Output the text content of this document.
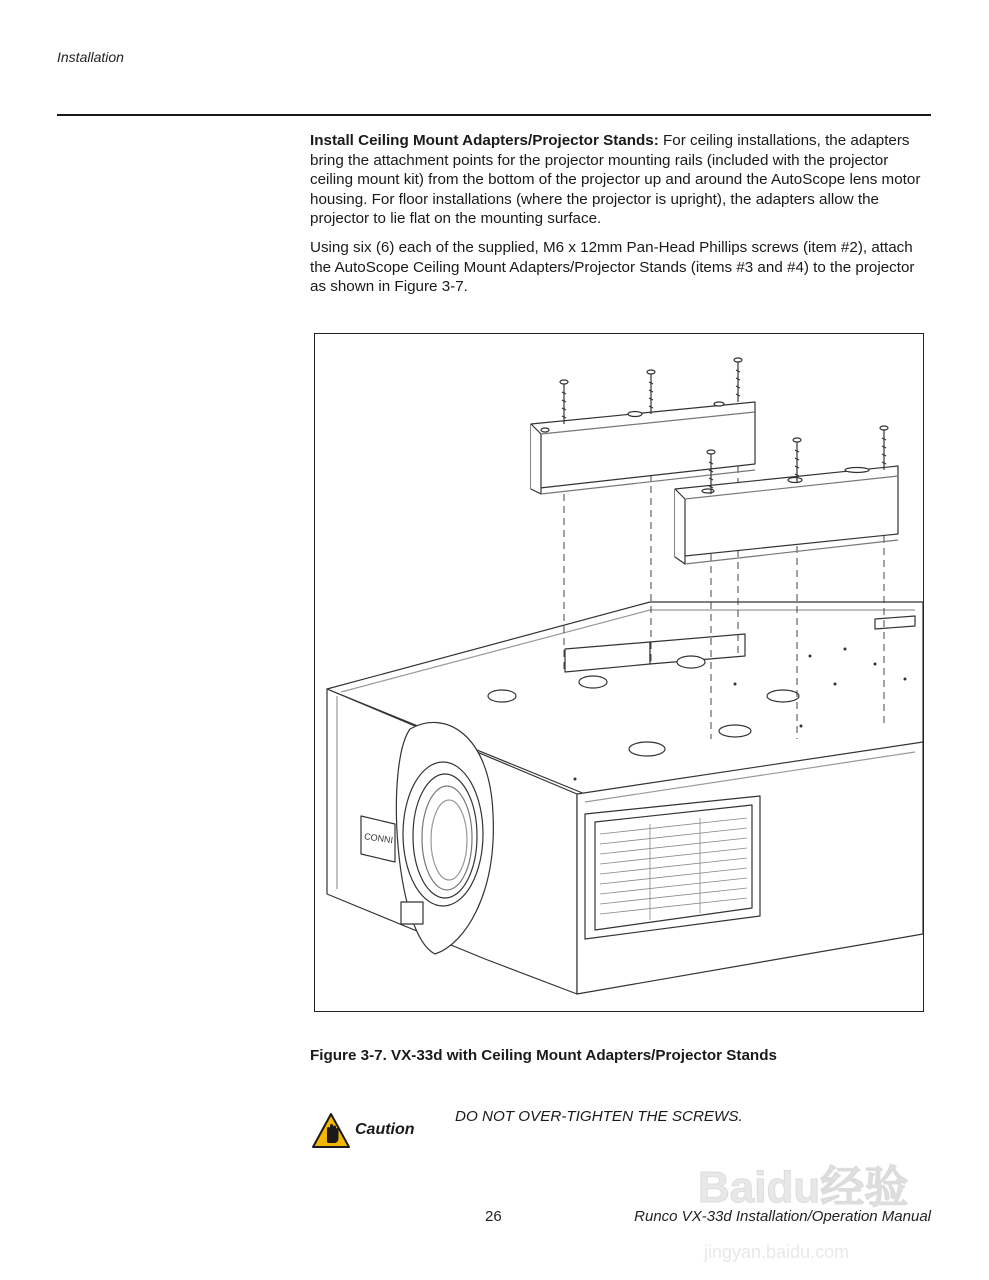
Installation

Install Ceiling Mount Adapters/Projector Stands: For ceiling installations, the adapters bring the attachment points for the projector mounting rails (included with the projector ceiling mount kit) from the bottom of the projector up and around the AutoScope lens motor housing. For floor installations (where the projector is upright), the adapters allow the projector to lie flat on the mounting surface.

Using six (6) each of the supplied, M6 x 12mm Pan-Head Phillips screws (item #2), attach the AutoScope Ceiling Mount Adapters/Projector Stands (items #3 and #4) to the projector as shown in Figure 3-7.

CONNI
Figure 3-7. VX-33d with Ceiling Mount Adapters/Projector Stands
Caution
DO NOT OVER-TIGHTEN THE SCREWS.
26	Runco VX-33d Installation/Operation Manual
Baidu经验
jingyan.baidu.com
